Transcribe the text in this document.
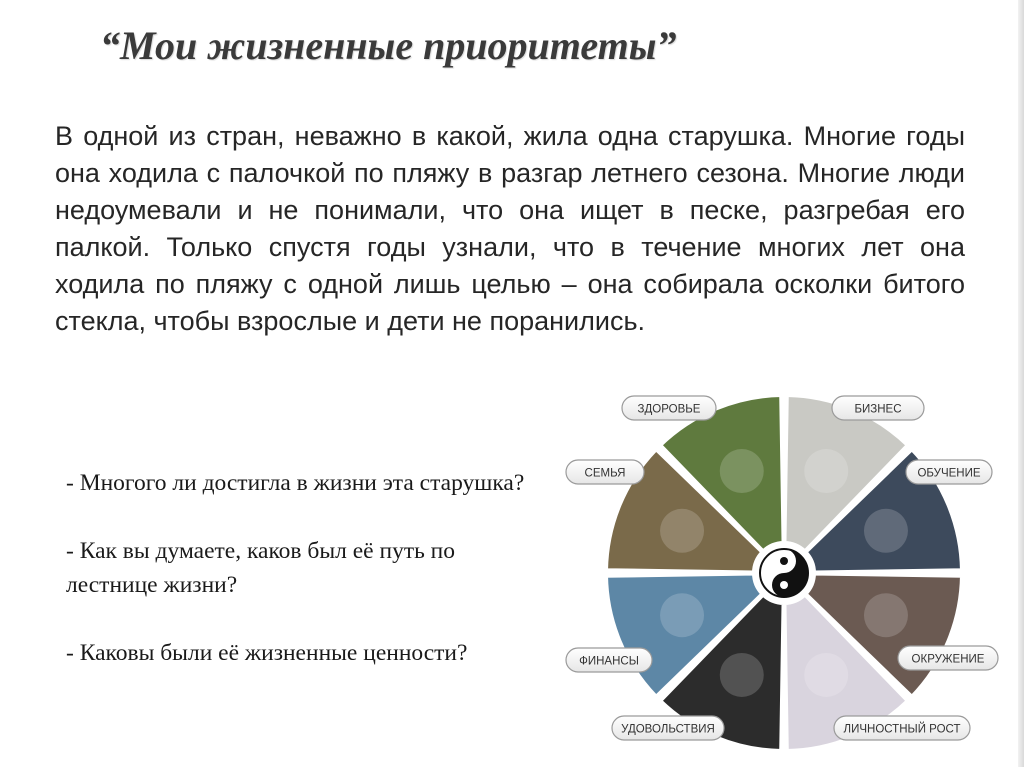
“Мои жизненные приоритеты”

В одной из стран, неважно в какой, жила одна старушка. Многие годы она ходила с палочкой по пляжу в разгар летнего сезона. Многие люди недоумевали и не понимали, что она ищет в песке, разгребая его палкой. Только спустя годы узнали, что в течение многих лет она ходила по пляжу с одной лишь целью – она собирала осколки битого стекла, чтобы взрослые и дети не поранились.

- Многого ли достигла в жизни эта старушка?

- Как вы думаете, каков был её путь по лестнице жизни?

- Каковы были её жизненные ценности?

ЗДОРОВЬЕ	БИЗНЕС
ОБУЧЕНИЕ
ОКРУЖЕНИЕ
ЛИЧНОСТНЫЙ РОСТ
УДОВОЛЬСТВИЯ
ФИНАНСЫ
СЕМЬЯ
